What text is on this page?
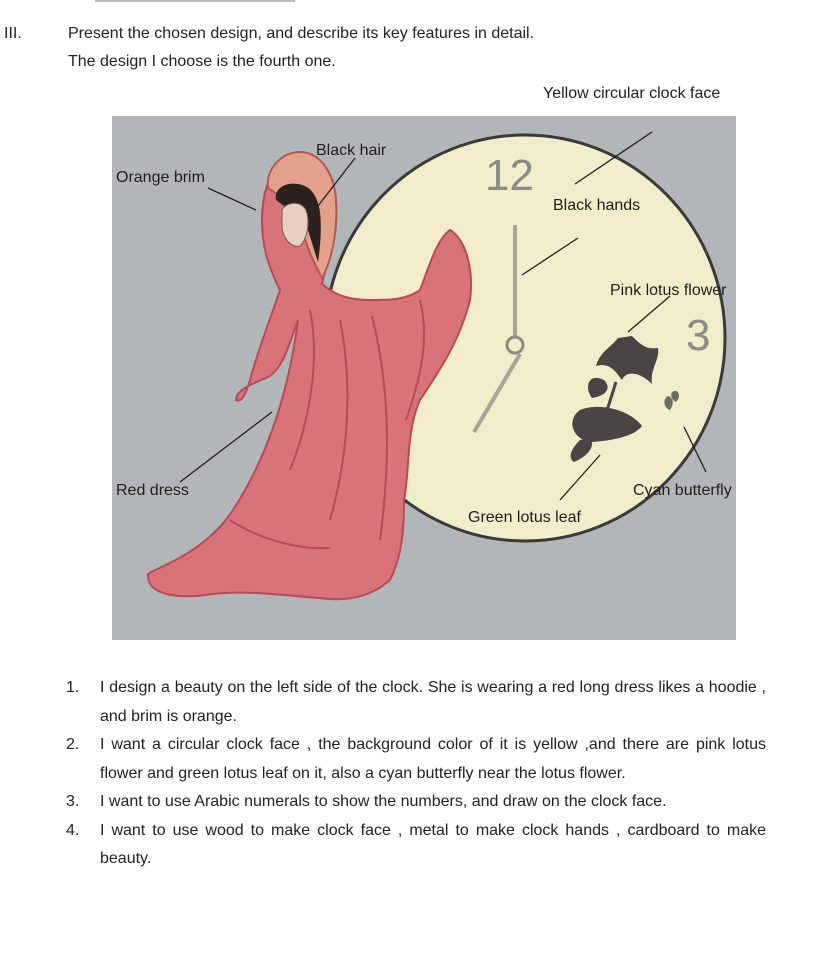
III.	Present the chosen design, and describe its key features in detail.
The design I choose is the fourth one.
12
3
Yellow circular clock face
Black hair
Orange brim
Black hands
Pink lotus flower
Red dress	Cyan butterfly
Green lotus leaf
1. I design a beauty on the left side of the clock. She is wearing a red long dress likes a hoodie , and brim is orange.
2. I want a circular clock face , the background color of it is yellow ,and there are pink lotus flower and green lotus leaf on it, also a cyan butterfly near the lotus flower.
3. I want to use Arabic numerals to show the numbers, and draw on the clock face.
4. I want to use wood to make clock face , metal to make clock hands , cardboard to make beauty.
